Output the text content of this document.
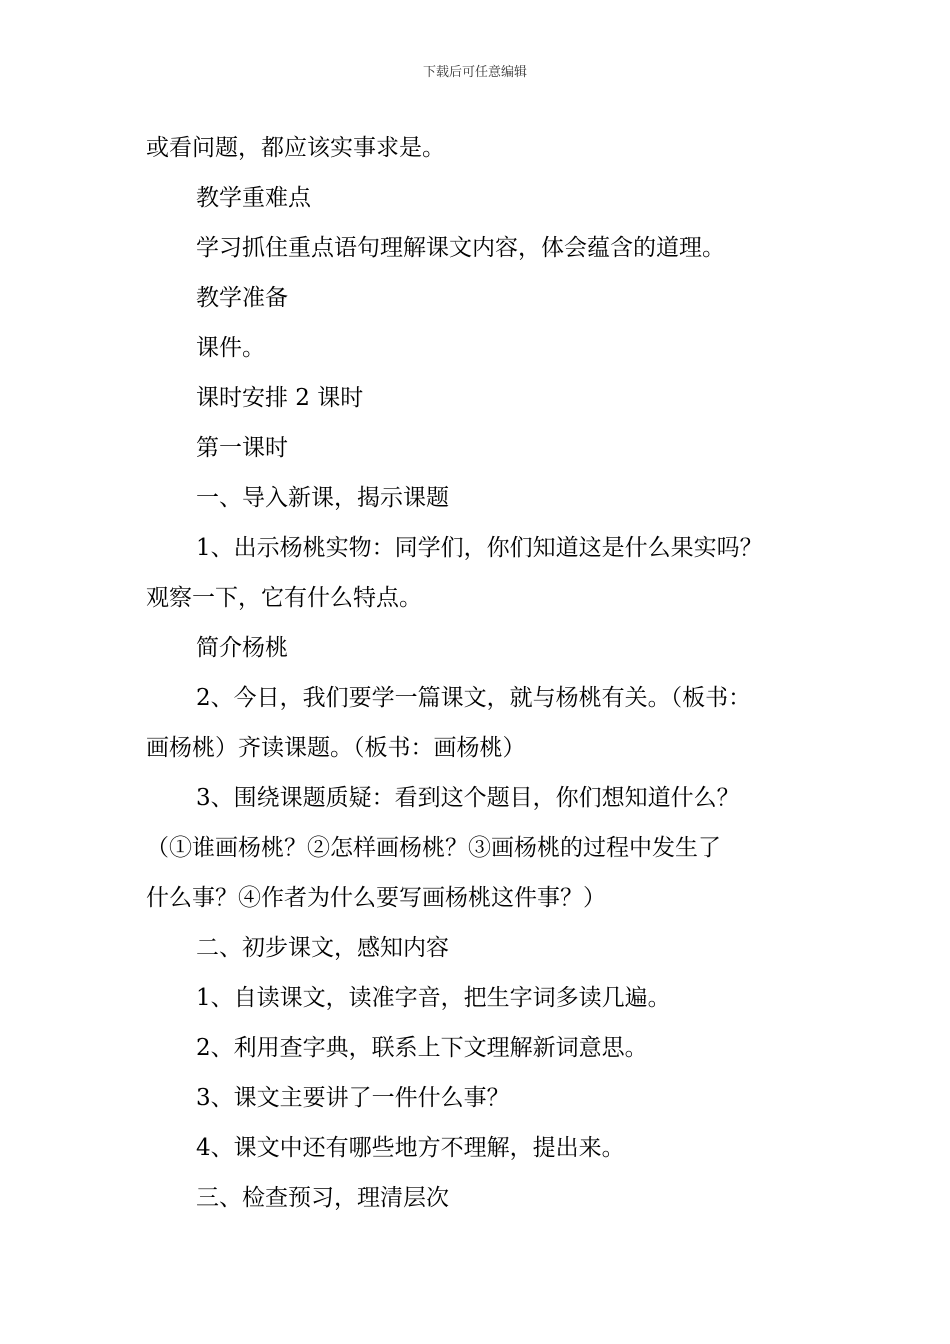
下载后可任意编辑

或看问题，都应该实事求是。

教学重难点

学习抓住重点语句理解课文内容，体会蕴含的道理。

教学准备

课件。

课时安排 2 课时

第一课时

一、导入新课，揭示课题

1、出示杨桃实物：同学们，你们知道这是什么果实吗？
观察一下，它有什么特点。

简介杨桃

2、今日，我们要学一篇课文，就与杨桃有关。（板书：
画杨桃）齐读课题。（板书：画杨桃）

3、围绕课题质疑：看到这个题目，你们想知道什么？
（①谁画杨桃？②怎样画杨桃？③画杨桃的过程中发生了
什么事？④作者为什么要写画杨桃这件事？）

二、初步课文，感知内容

1、自读课文，读准字音，把生字词多读几遍。

2、利用查字典，联系上下文理解新词意思。

3、课文主要讲了一件什么事？

4、课文中还有哪些地方不理解，提出来。

三、检查预习，理清层次
